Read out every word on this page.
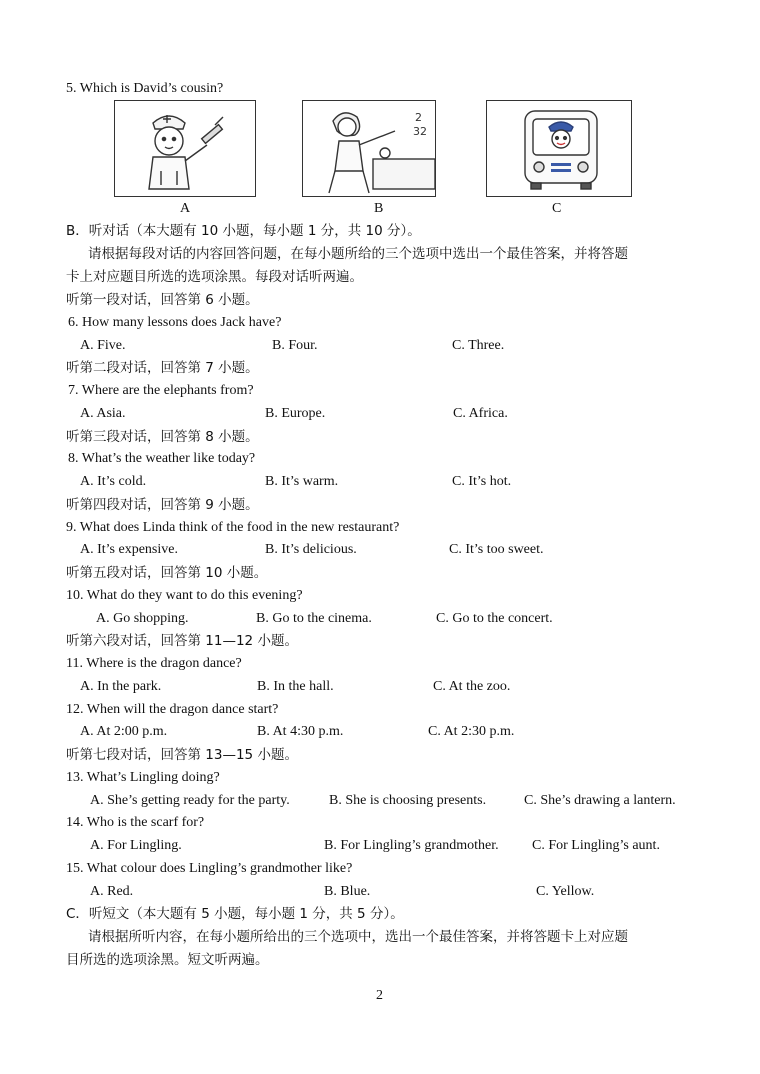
5. Which is David’s cousin?
A
2
32
B	C
B．听对话（本大题有 10 小题，每小题 1 分，共 10 分）。
请根据每段对话的内容回答问题，在每小题所给的三个选项中选出一个最佳答案，并将答题
卡上对应题目所选的选项涂黑。每段对话听两遍。
听第一段对话，回答第 6 小题。
6. How many lessons does Jack have?
A. Five.	B. Four.	C. Three.
听第二段对话，回答第 7 小题。
7. Where are the elephants from?
A. Asia.	B. Europe.	C. Africa.
听第三段对话，回答第 8 小题。
8. What’s the weather like today?
A. It’s cold.	B. It’s warm.	C. It’s hot.
听第四段对话，回答第 9 小题。
9. What does Linda think of the food in the new restaurant?
A. It’s expensive.	B. It’s delicious.	C. It’s too sweet.
听第五段对话，回答第 10 小题。
10. What do they want to do this evening?
A. Go shopping.	B. Go to the cinema.	C. Go to the concert.
听第六段对话，回答第 11—12 小题。
11. Where is the dragon dance?
A. In the park.	B. In the hall.	C. At the zoo.
12. When will the dragon dance start?
A. At 2:00 p.m.	B. At 4:30 p.m.	C. At 2:30 p.m.
听第七段对话，回答第 13—15 小题。
13. What’s Lingling doing?
A. She’s getting ready for the party.	B. She is choosing presents.	C. She’s drawing a lantern.
14. Who is the scarf for?
A. For Lingling.	B. For Lingling’s grandmother. C. For Lingling’s aunt.
15. What colour does Lingling’s grandmother like?
A. Red.	B. Blue.	C. Yellow.
C．听短文（本大题有 5 小题，每小题 1 分，共 5 分）。
请根据所听内容，在每小题所给出的三个选项中，选出一个最佳答案，并将答题卡上对应题
目所选的选项涂黑。短文听两遍。
2
